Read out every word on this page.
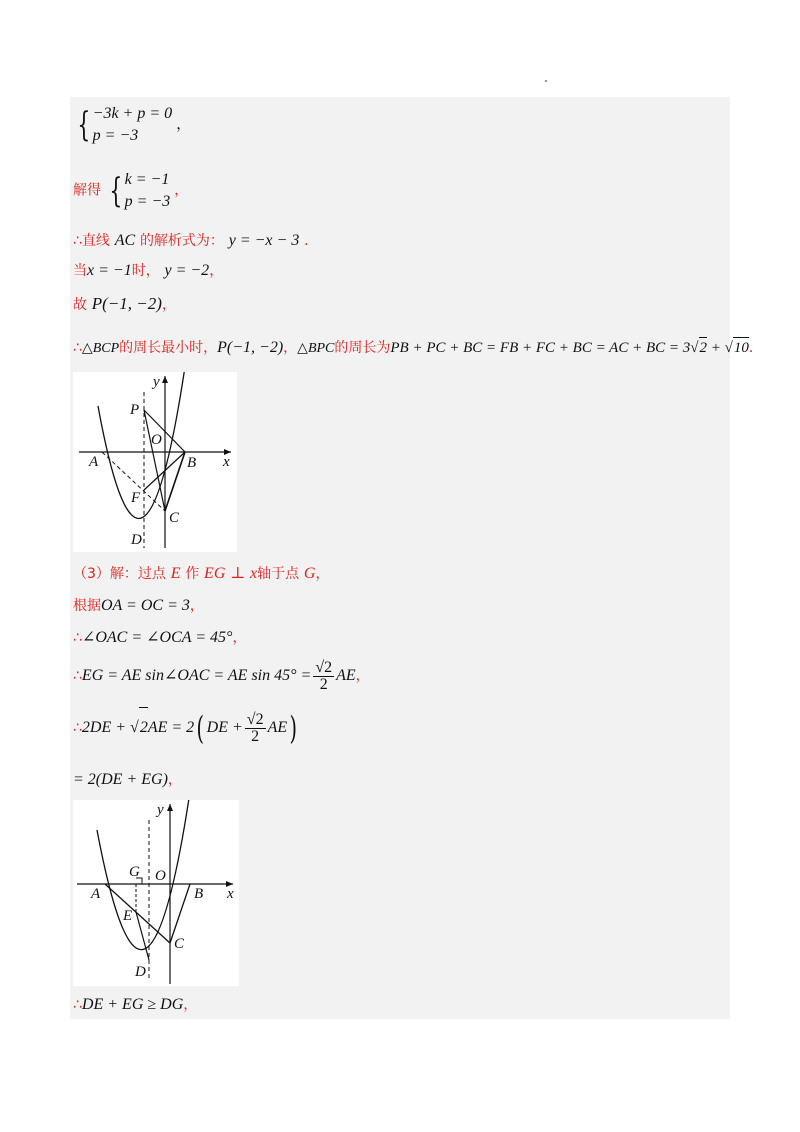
{ −3k + p = 0
p = −3 ，
解得 { k = −1
p = −3 ，
∴直线 AC 的解析式为： y = −x − 3 ．
当x = −1时， y = −2，
故 P(−1, −2)，
∴△BCP的周长最小时，P(−1, −2)，△BPC的周长为PB + PC + BC = FB + FC + BC = AC + BC = 3√2 + √10．
y
x
P
O
A	B
F
C
D
（3）解：过点 E 作 EG ⊥ x轴于点 G，
根据OA = OC = 3，
∴∠OAC = ∠OCA = 45°，
∴EG = AE sin∠OAC = AE $\sin 45^\circ = \frac{√2}{2}$ AE，
∴2DE + √2AE = 2( DE + $\frac{√2}{2} AE$)
= 2(DE + EG)，
y
x
G O
A	B
E
C
D
∴DE + EG ≥ DG，
